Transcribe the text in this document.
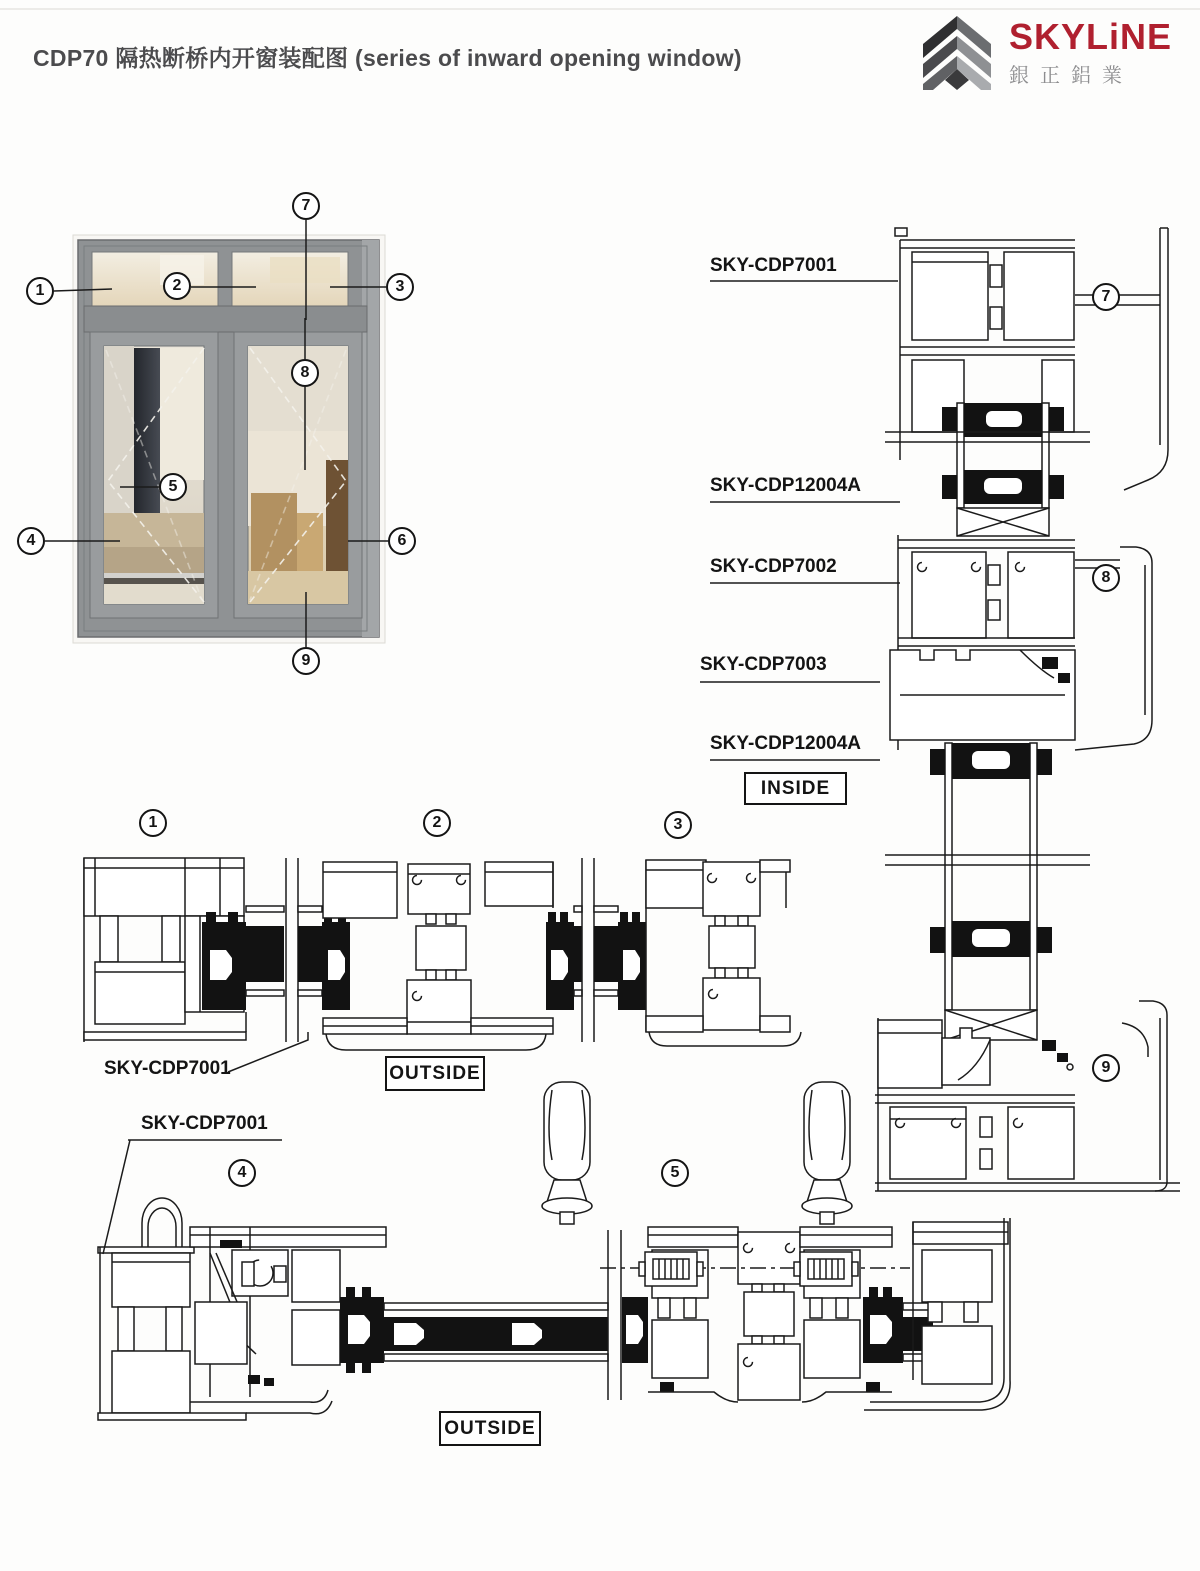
CDP70 隔热断桥内开窗装配图 (series of inward opening window)
SKYLiNE
銀正鋁業
1	2	3
4
5
6
7
8
9
1	2	3
4	5
7
8
9
SKY-CDP7001
SKY-CDP12004A
SKY-CDP7002
SKY-CDP7003
SKY-CDP12004A
SKY-CDP7001
SKY-CDP7001
INSIDE
OUTSIDE
OUTSIDE
